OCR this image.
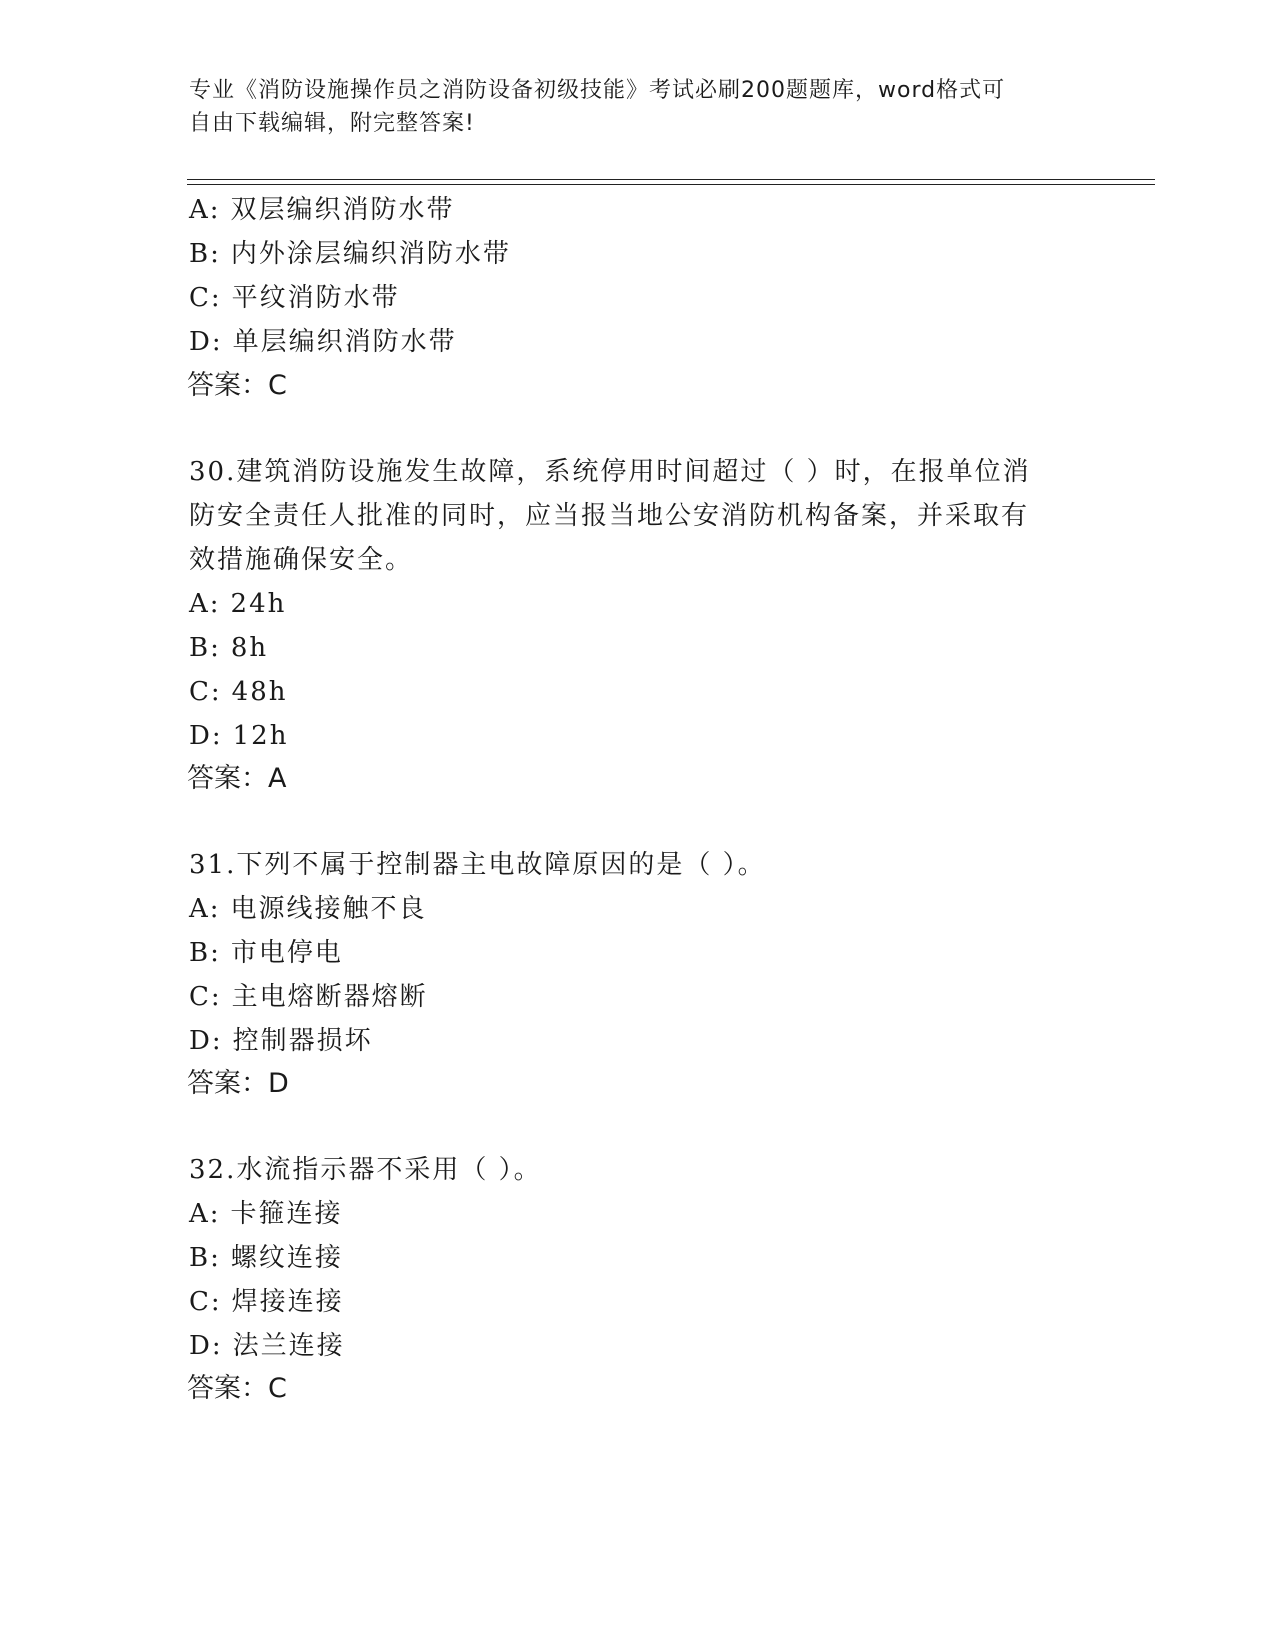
专业《消防设施操作员之消防设备初级技能》考试必刷200题题库，word格式可
自由下载编辑，附完整答案!
A: 双层编织消防水带
B: 内外涂层编织消防水带
C: 平纹消防水带
D: 单层编织消防水带
答案：C
30.建筑消防设施发生故障，系统停用时间超过（ ）时，在报单位消
防安全责任人批准的同时，应当报当地公安消防机构备案，并采取有
效措施确保安全。
A: 24h
B: 8h
C: 48h
D: 12h
答案：A
31.下列不属于控制器主电故障原因的是（ ）。
A: 电源线接触不良
B: 市电停电
C: 主电熔断器熔断
D: 控制器损坏
答案：D
32.水流指示器不采用（ ）。
A: 卡箍连接
B: 螺纹连接
C: 焊接连接
D: 法兰连接
答案：C
